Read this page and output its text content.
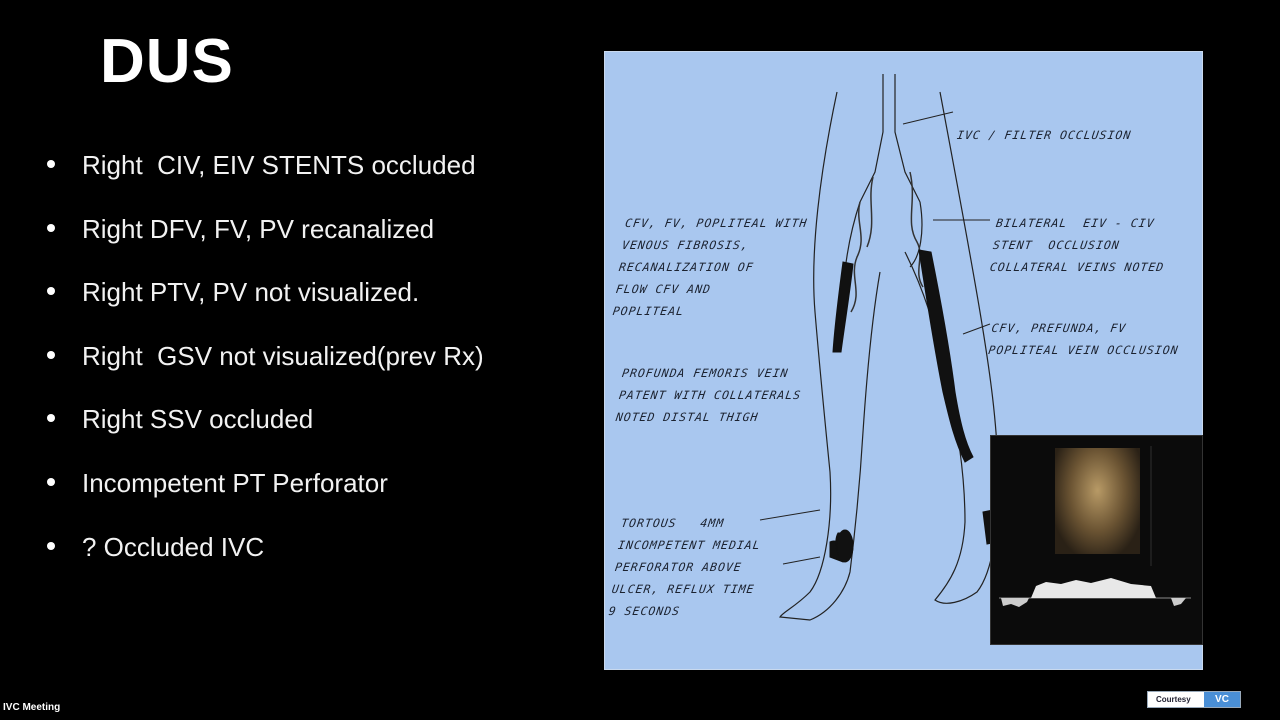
DUS
Right  CIV, EIV STENTS occluded
Right DFV, FV, PV recanalized
Right PTV, PV not visualized.
Right  GSV not visualized(prev Rx)
Right SSV occluded
Incompetent PT Perforator
? Occluded IVC
IVC / FILTER OCCLUSION
BILATERAL  EIV - CIV
STENT  OCCLUSION
COLLATERAL VEINS NOTED
CFV, PREFUNDA, FV
POPLITEAL VEIN OCCLUSION
CFV, FV, POPLITEAL WITH
VENOUS FIBROSIS,
RECANALIZATION OF
FLOW CFV AND
POPLITEAL
PROFUNDA FEMORIS VEIN
PATENT WITH COLLATERALS
NOTED DISTAL THIGH
TORTOUS   4MM
INCOMPETENT MEDIAL
PERFORATOR ABOVE
ULCER, REFLUX TIME
9 SECONDS
IVC Meeting
Courtesy	VC
